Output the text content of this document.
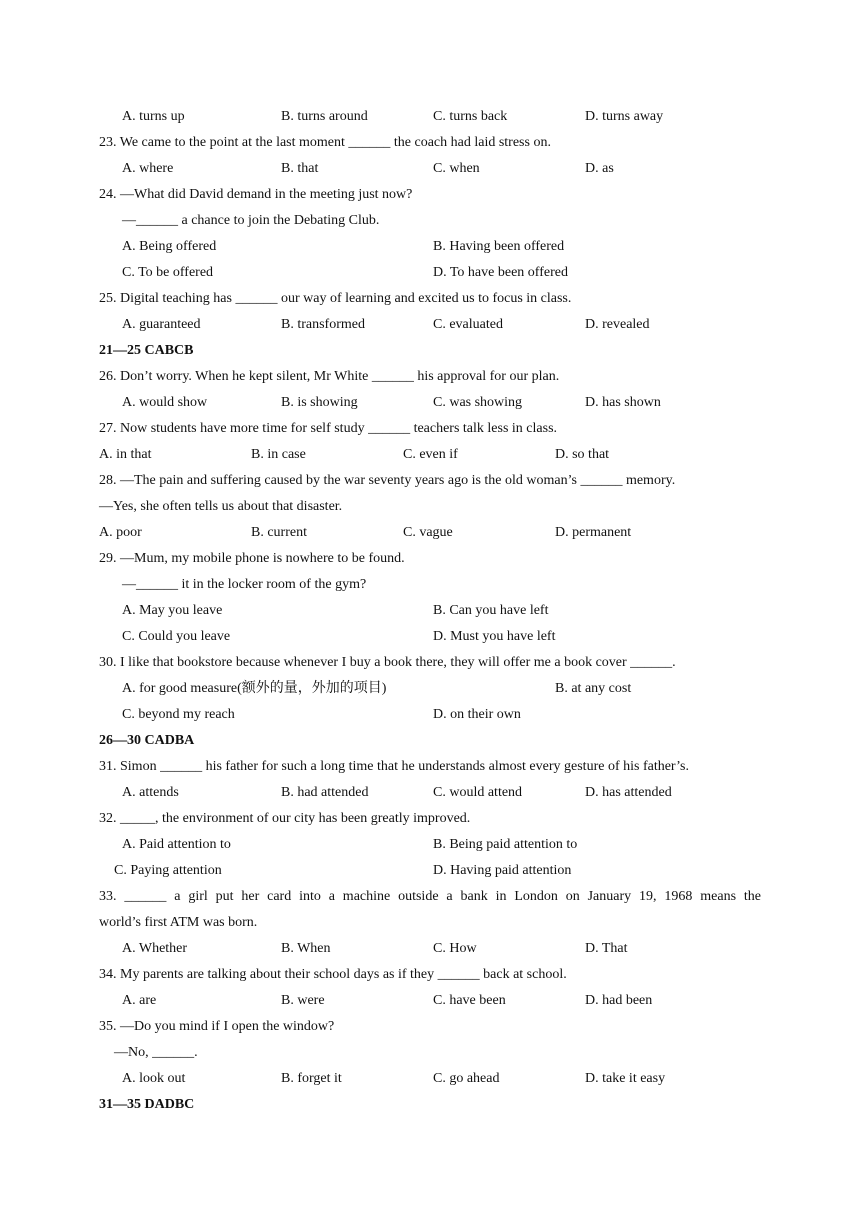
A. turns up	B. turns around	C. turns back	D. turns away
23. We came to the point at the last moment ______ the coach had laid stress on.
A. where	B. that	C. when	D. as
24. —What did David demand in the meeting just now?
—______ a chance to join the Debating Club.
A. Being offered	B. Having been offered
C. To be offered	D. To have been offered
25. Digital teaching has ______ our way of learning and excited us to focus in class.
A. guaranteed	B. transformed	C. evaluated	D. revealed
21—25 CABCB
26. Don’t worry. When he kept silent, Mr White ______ his approval for our plan.
A. would show	B. is showing	C. was showing	D. has shown
27. Now students have more time for self study ______ teachers talk less in class.
A. in that	B. in case	C. even if	D. so that
28. —The pain and suffering caused by the war seventy years ago is the old woman’s ______ memory.
—Yes, she often tells us about that disaster.
A. poor	B. current	C. vague	D. permanent
29. —Mum, my mobile phone is nowhere to be found.
—______ it in the locker room of the gym?
A. May you leave	B. Can you have left
C. Could you leave	D. Must you have left
30. I like that bookstore because whenever I buy a book there, they will offer me a book cover ______.
A. for good measure(额外的量，外加的项目)	B. at any cost
C. beyond my reach	D. on their own
26—30 CADBA
31. Simon ______ his father for such a long time that he understands almost every gesture of his father’s.
A. attends	B. had attended	C. would attend	D. has attended
32. _____, the environment of our city has been greatly improved.
A. Paid attention to	B. Being paid attention to
C. Paying attention	D. Having paid attention
33. ______ a girl put her card into a machine outside a bank in London on January 19, 1968 means the
world’s first ATM was born.
A. Whether	B. When	C. How	D. That
34. My parents are talking about their school days as if they ______ back at school.
A. are	B. were	C. have been	D. had been
35. —Do you mind if I open the window?
—No, ______.
A. look out	B. forget it	C. go ahead	D. take it easy
31—35 DADBC
